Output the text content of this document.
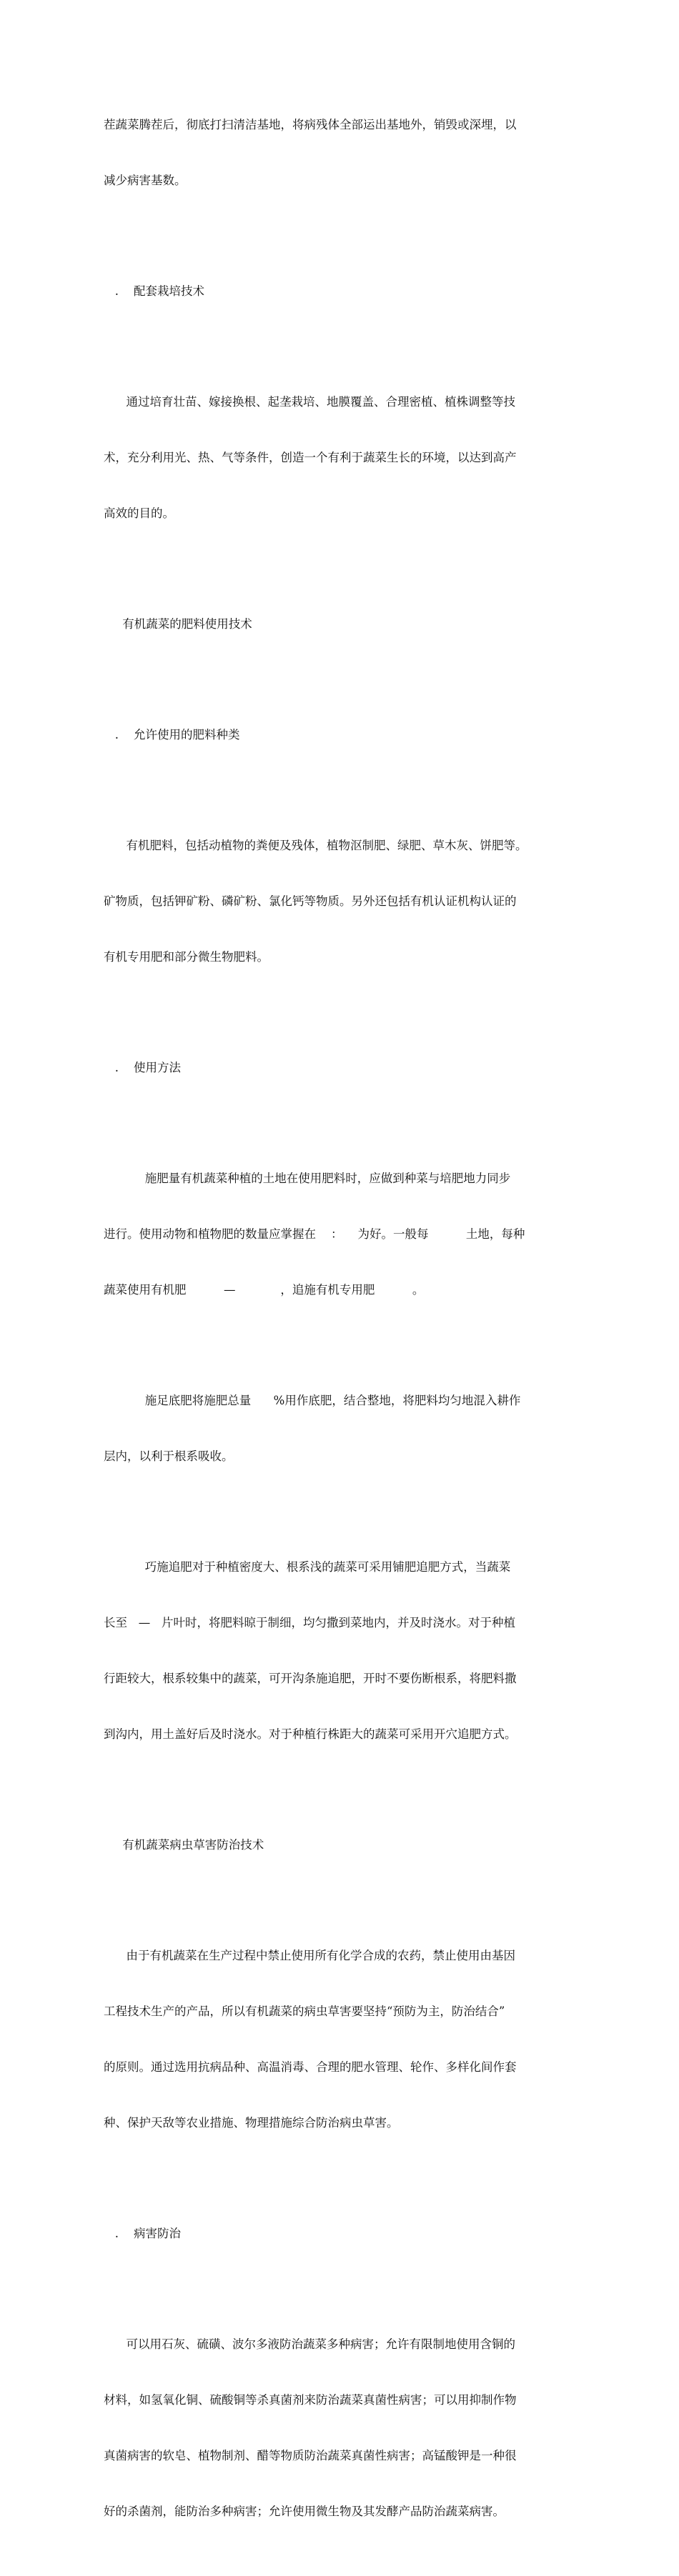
茬蔬菜腾茬后，彻底打扫清洁基地，将病残体全部运出基地外，销毁或深埋，以

减少病害基数。

.    配套栽培技术

通过培育壮苗、嫁接换根、起垄栽培、地膜覆盖、合理密植、植株调整等技

术，充分利用光、热、气等条件，创造一个有利于蔬菜生长的环境，以达到高产

高效的目的。

有机蔬菜的肥料使用技术

.    允许使用的肥料种类

有机肥料，包括动植物的粪便及残体，植物沤制肥、绿肥、草木灰、饼肥等。

矿物质，包括钾矿粉、磷矿粉、氯化钙等物质。另外还包括有机认证机构认证的

有机专用肥和部分微生物肥料。

.    使用方法

施肥量有机蔬菜种植的土地在使用肥料时，应做到种菜与培肥地力同步

进行。使用动物和植物肥的数量应掌握在    ：    为好。一般每          土地，每种

蔬菜使用有机肥          —            ，追施有机专用肥          。

施足底肥将施肥总量      %用作底肥，结合整地，将肥料均匀地混入耕作

层内，以利于根系吸收。

巧施追肥对于种植密度大、根系浅的蔬菜可采用铺肥追肥方式，当蔬菜

长至   —   片叶时，将肥料晾于制细，均匀撒到菜地内，并及时浇水。对于种植

行距较大，根系较集中的蔬菜，可开沟条施追肥，开时不要伤断根系，将肥料撒

到沟内，用土盖好后及时浇水。对于种植行株距大的蔬菜可采用开穴追肥方式。

有机蔬菜病虫草害防治技术

由于有机蔬菜在生产过程中禁止使用所有化学合成的农药，禁止使用由基因

工程技术生产的产品，所以有机蔬菜的病虫草害要坚持“预防为主，防治结合”

的原则。通过选用抗病品种、高温消毒、合理的肥水管理、轮作、多样化间作套

种、保护天敌等农业措施、物理措施综合防治病虫草害。

.    病害防治

可以用石灰、硫磺、波尔多液防治蔬菜多种病害；允许有限制地使用含铜的

材料，如氢氧化铜、硫酸铜等杀真菌剂来防治蔬菜真菌性病害；可以用抑制作物

真菌病害的软皂、植物制剂、醋等物质防治蔬菜真菌性病害；高锰酸钾是一种很

好的杀菌剂，能防治多种病害；允许使用微生物及其发酵产品防治蔬菜病害。
